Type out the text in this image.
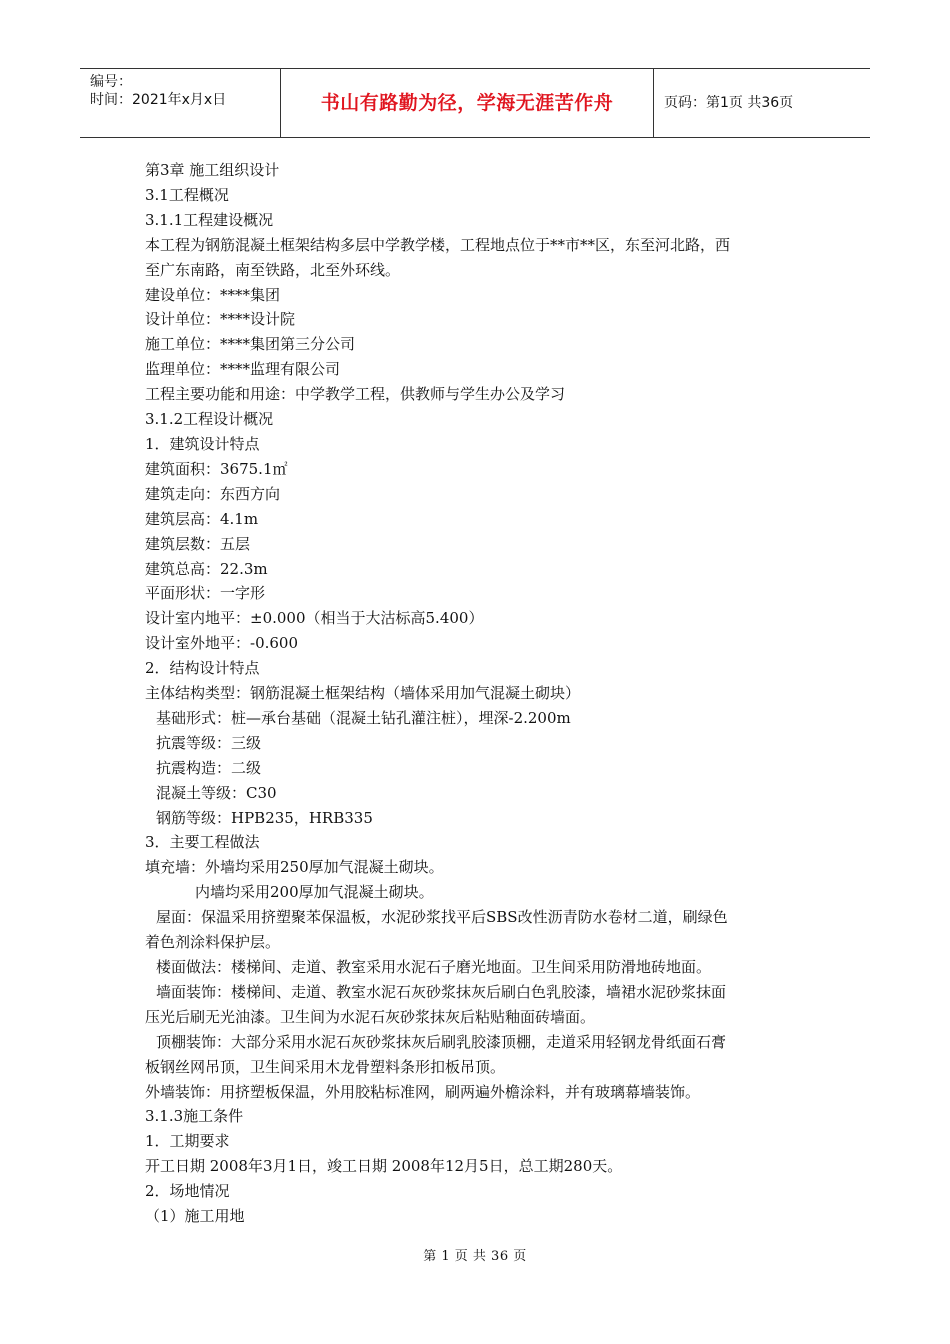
编号：
时间：2021年x月x日	书山有路勤为径，学海无涯苦作舟	页码：第1页 共36页

第3章 施工组织设计

3.1工程概况

3.1.1工程建设概况

本工程为钢筋混凝土框架结构多层中学教学楼，工程地点位于**市**区，东至河北路，西

至广东南路，南至铁路，北至外环线。

建设单位：****集团

设计单位：****设计院

施工单位：****集团第三分公司

监理单位：****监理有限公司

工程主要功能和用途：中学教学工程，供教师与学生办公及学习

3.1.2工程设计概况

1．建筑设计特点

建筑面积：3675.1㎡

建筑走向：东西方向

建筑层高：4.1m

建筑层数：五层

建筑总高：22.3m

平面形状：一字形

设计室内地平：±0.000（相当于大沽标高5.400）

设计室外地平：-0.600

2．结构设计特点

主体结构类型：钢筋混凝土框架结构（墙体采用加气混凝土砌块）

基础形式：桩—承台基础（混凝土钻孔灌注桩），埋深-2.200m

抗震等级：三级

抗震构造：二级

混凝土等级：C30

钢筋等级：HPB235，HRB335

3．主要工程做法

填充墙：外墙均采用250厚加气混凝土砌块。

内墙均采用200厚加气混凝土砌块。

屋面：保温采用挤塑聚苯保温板，水泥砂浆找平后SBS改性沥青防水卷材二道，刷绿色

着色剂涂料保护层。

楼面做法：楼梯间、走道、教室采用水泥石子磨光地面。卫生间采用防滑地砖地面。

墙面装饰：楼梯间、走道、教室水泥石灰砂浆抹灰后刷白色乳胶漆，墙裙水泥砂浆抹面

压光后刷无光油漆。卫生间为水泥石灰砂浆抹灰后粘贴釉面砖墙面。

顶棚装饰：大部分采用水泥石灰砂浆抹灰后刷乳胶漆顶棚，走道采用轻钢龙骨纸面石膏

板钢丝网吊顶，卫生间采用木龙骨塑料条形扣板吊顶。

外墙装饰：用挤塑板保温，外用胶粘标准网，刷两遍外檐涂料，并有玻璃幕墙装饰。

3.1.3施工条件

1．工期要求

开工日期 2008年3月1日，竣工日期 2008年12月5日，总工期280天。

2．场地情况

（1）施工用地

第 1 页 共 36 页
